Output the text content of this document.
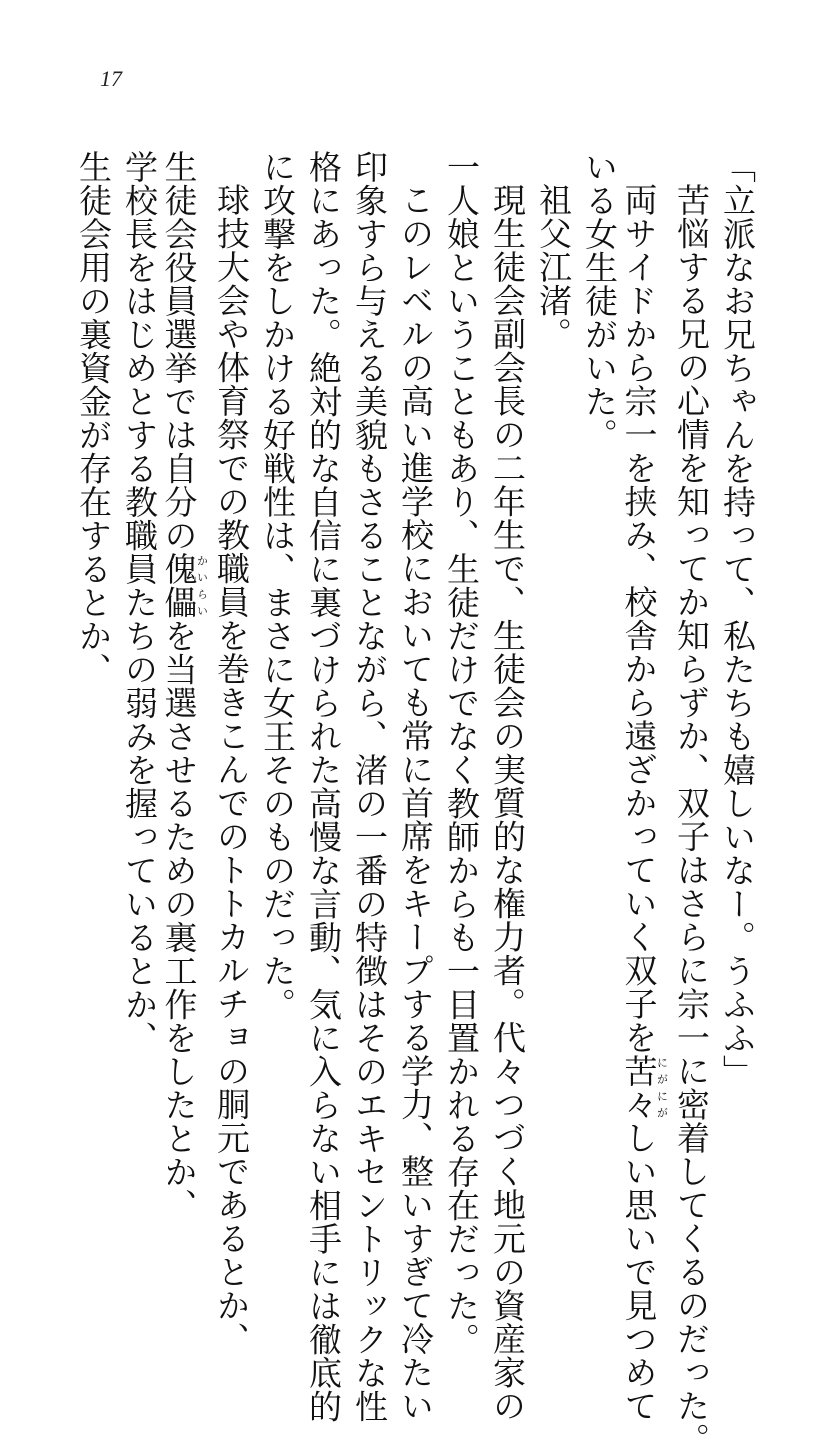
17
「立派なお兄ちゃんを持って、私たちも嬉しいなー。うふふ」
苦悩する兄の心情を知ってか知らずか、双子はさらに宗一に密着してくるのだった。
両サイドから宗一を挟み、校舎から遠ざかっていく双子を苦々にがにがしい思いで見つめて
いる女生徒がいた。
祖父江渚。
現生徒会副会長の二年生で、生徒会の実質的な権力者。代々つづく地元の資産家の
一人娘ということもあり、生徒だけでなく教師からも一目置かれる存在だった。
このレベルの高い進学校においても常に首席をキープする学力、整いすぎて冷たい
印象すら与える美貌もさることながら、渚の一番の特徴はそのエキセントリックな性
格にあった。絶対的な自信に裏づけられた高慢な言動、気に入らない相手には徹底的
に攻撃をしかける好戦性は、まさに女王そのものだった。
球技大会や体育祭での教職員を巻きこんでのトトカルチョの胴元であるとか、
生徒会役員選挙では自分の傀儡かいらいを当選させるための裏工作をしたとか、
学校長をはじめとする教職員たちの弱みを握っているとか、
生徒会用の裏資金が存在するとか、
